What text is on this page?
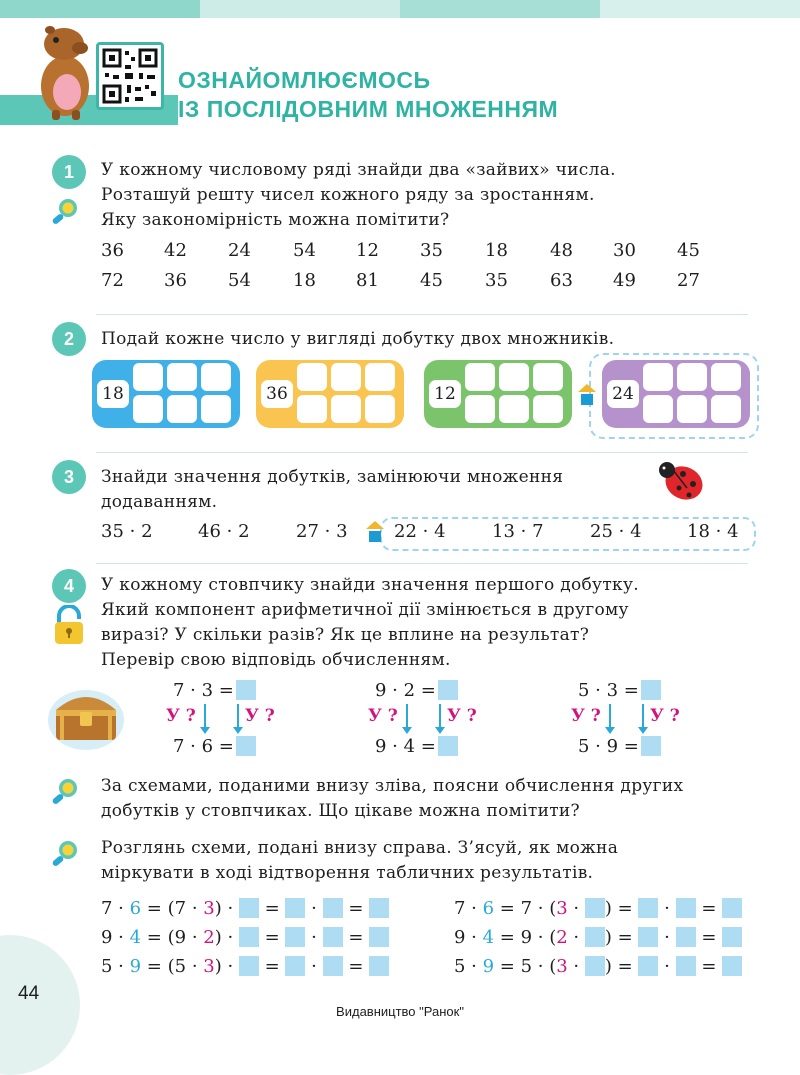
ОЗНАЙОМЛЮЄМОСЬ
ІЗ ПОСЛІДОВНИМ МНОЖЕННЯМ
1	У кожному числовому ряді знайди два «зайвих» числа.
Розташуй решту чисел кожного ряду за зростанням.
Яку закономірність можна помітити?
36 42 24 54 12 35 18 48 30 45
72 36 54 18 81 45 35 63 49 27
2	Подай кожне число у вигляді добутку двох множників.
18	36	12	24
3	Знайди значення добутків, замінюючи множення
додаванням.
35 · 2	46 · 2	27 · 3	22 · 4	13 · 7	25 · 4	18 · 4
4	У кожному стовпчику знайди значення першого добутку.
Який компонент арифметичної дії змінюється в другому
виразі? У скільки разів? Як це вплине на результат?
Перевір свою відповідь обчисленням.
7 · 3 =
7 · 6 =
У ?	У ?
9 · 2 =
9 · 4 =
У ?	У ?
5 · 3 =
5 · 9 =
У ?	У ?
За схемами, поданими внизу зліва, поясни обчислення других
добутків у стовпчиках. Що цікаве можна помітити?
Розглянь схеми, подані внизу справа. З’ясуй, як можна
міркувати в ході відтворення табличних результатів.
7 · 6 = (7 · 3) ·  =  ·  =
9 · 4 = (9 · 2) ·  =  ·  =
5 · 9 = (5 · 3) ·  =  ·  =
7 · 6 = 7 · (3 · ) =  ·  =
9 · 4 = 9 · (2 · ) =  ·  =
5 · 9 = 5 · (3 · ) =  ·  =
44
Видавництво "Ранок"
